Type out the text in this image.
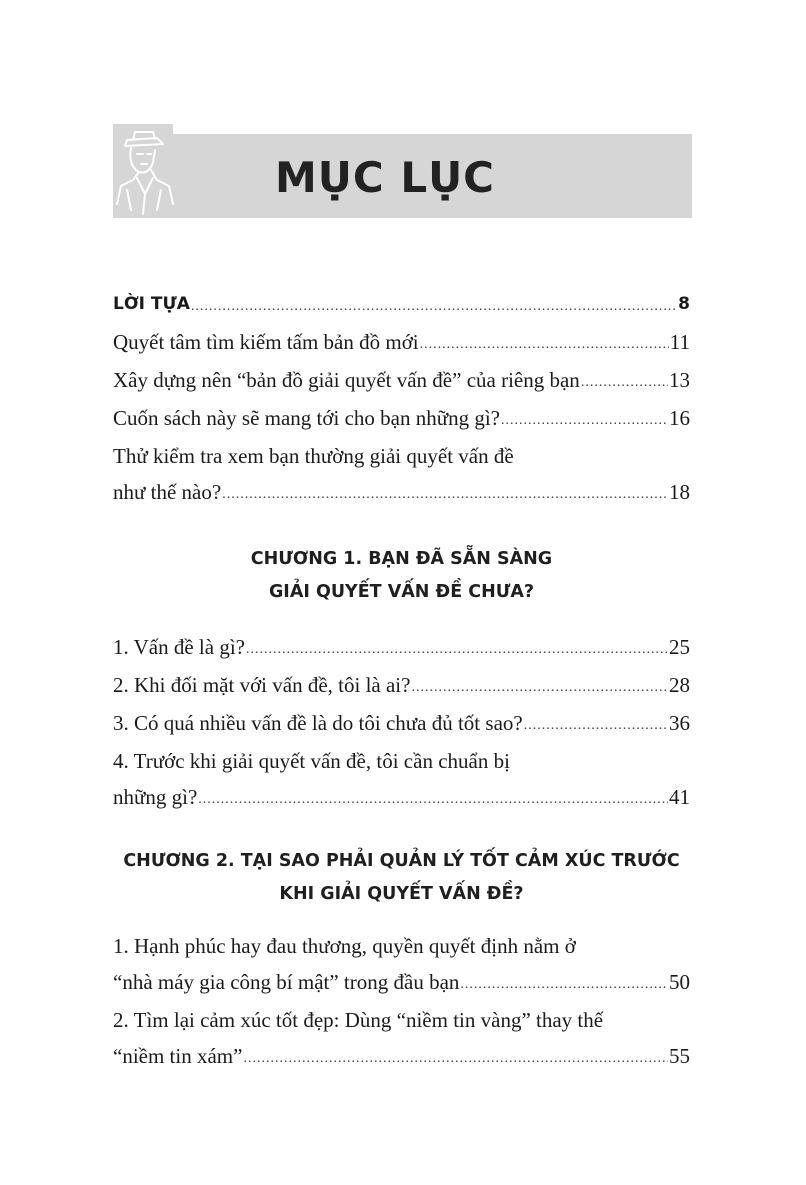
MỤC LỤC
LỜI TỰA .....	8
Quyết tâm tìm kiếm tấm bản đồ mới .....	11
Xây dựng nên “bản đồ giải quyết vấn đề” của riêng bạn .....	13
Cuốn sách này sẽ mang tới cho bạn những gì? .....	16
Thử kiểm tra xem bạn thường giải quyết vấn đề
như thế nào? .....	18
CHƯƠNG 1. BẠN ĐÃ SẴN SÀNG
GIẢI QUYẾT VẤN ĐỀ CHƯA?
1. Vấn đề là gì? .....	25
2. Khi đối mặt với vấn đề, tôi là ai? .....	28
3. Có quá nhiều vấn đề là do tôi chưa đủ tốt sao? .....	36
4. Trước khi giải quyết vấn đề, tôi cần chuẩn bị
những gì? .....	41
CHƯƠNG 2. TẠI SAO PHẢI QUẢN LÝ TỐT CẢM XÚC TRƯỚC
KHI GIẢI QUYẾT VẤN ĐỀ?
1. Hạnh phúc hay đau thương, quyền quyết định nằm ở
“nhà máy gia công bí mật” trong đầu bạn .....	50
2. Tìm lại cảm xúc tốt đẹp: Dùng “niềm tin vàng” thay thế
“niềm tin xám” .....	55
